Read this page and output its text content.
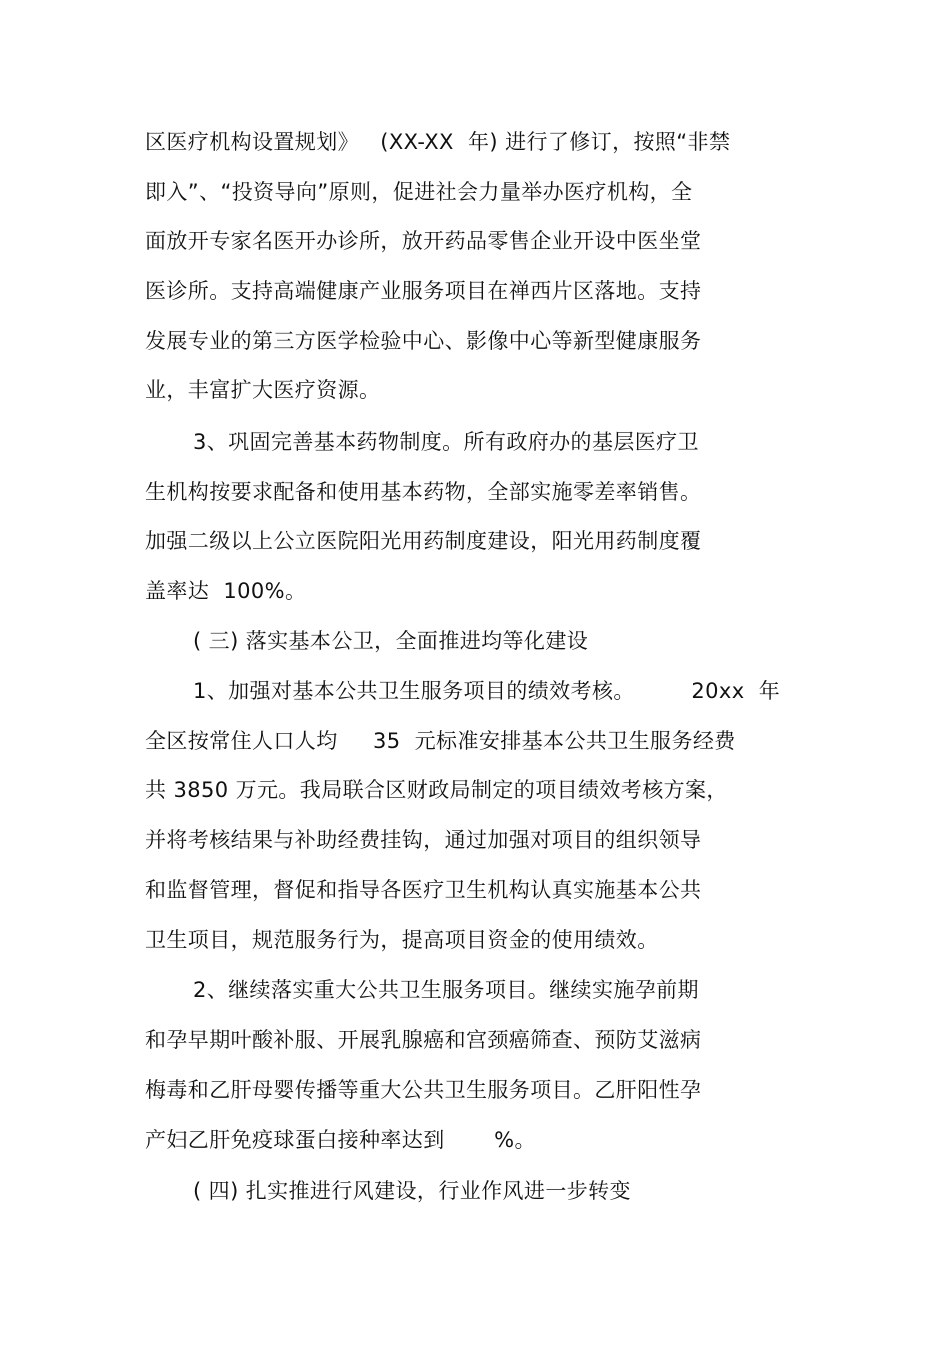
区医疗机构设置规划》   (XX-XX  年) 进行了修订，按照“非禁
即入”、“投资导向”原则，促进社会力量举办医疗机构，全
面放开专家名医开办诊所，放开药品零售企业开设中医坐堂
医诊所。支持高端健康产业服务项目在禅西片区落地。支持
发展专业的第三方医学检验中心、影像中心等新型健康服务
业，丰富扩大医疗资源。
3、巩固完善基本药物制度。所有政府办的基层医疗卫
生机构按要求配备和使用基本药物，全部实施零差率销售。
加强二级以上公立医院阳光用药制度建设，阳光用药制度覆
盖率达  100%。
( 三) 落实基本公卫，全面推进均等化建设
1、加强对基本公共卫生服务项目的绩效考核。        20xx  年
全区按常住人口人均     35  元标准安排基本公共卫生服务经费
共 3850 万元。我局联合区财政局制定的项目绩效考核方案，
并将考核结果与补助经费挂钩，通过加强对项目的组织领导
和监督管理，督促和指导各医疗卫生机构认真实施基本公共
卫生项目，规范服务行为，提高项目资金的使用绩效。
2、继续落实重大公共卫生服务项目。继续实施孕前期
和孕早期叶酸补服、开展乳腺癌和宫颈癌筛查、预防艾滋病
梅毒和乙肝母婴传播等重大公共卫生服务项目。乙肝阳性孕
产妇乙肝免疫球蛋白接种率达到       %。
( 四) 扎实推进行风建设，行业作风进一步转变
